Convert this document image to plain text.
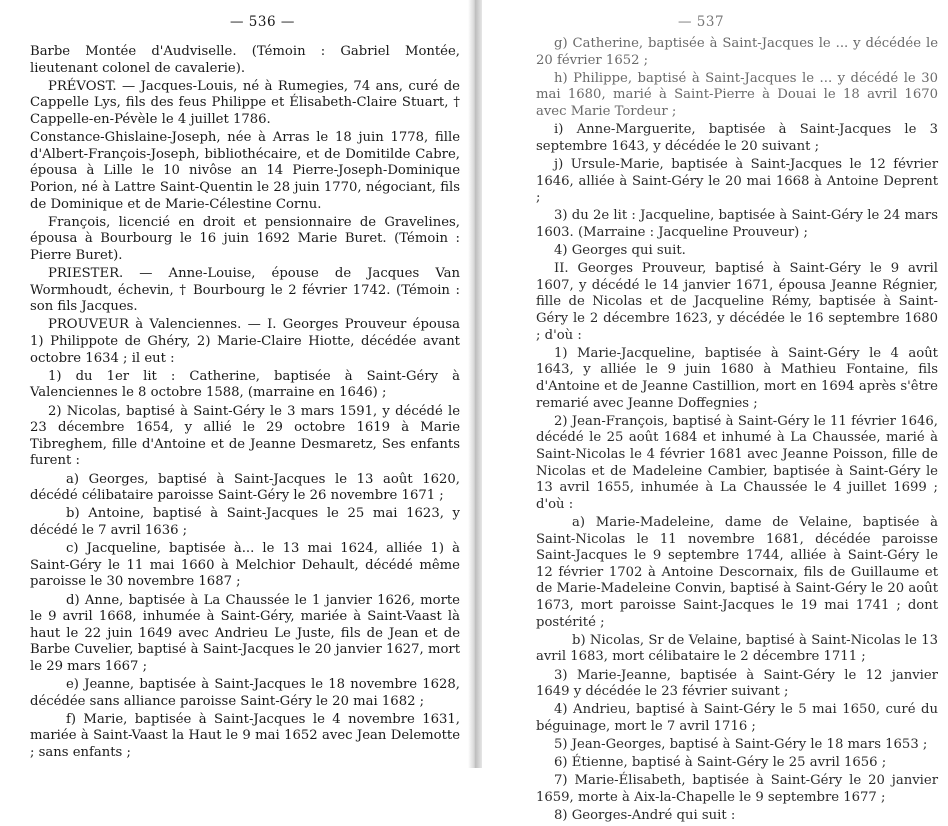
— 536 —

Barbe Montée d'Audviselle. (Témoin : Gabriel Montée, lieutenant colonel de cavalerie).

PRÉVOST. — Jacques-Louis, né à Rumegies, 74 ans, curé de Cappelle Lys, fils des feus Philippe et Élisabeth-Claire Stuart, † Cappelle-en-Pévèle le 4 juillet 1786.

Constance-Ghislaine-Joseph, née à Arras le 18 juin 1778, fille d'Albert-François-Joseph, bibliothécaire, et de Domitilde Cabre, épousa à Lille le 10 nivôse an 14 Pierre-Joseph-Dominique Porion, né à Lattre Saint-Quentin le 28 juin 1770, négociant, fils de Dominique et de Marie-Célestine Cornu.

François, licencié en droit et pensionnaire de Gravelines, épousa à Bourbourg le 16 juin 1692 Marie Buret. (Témoin : Pierre Buret).

PRIESTER. — Anne-Louise, épouse de Jacques Van Wormhoudt, échevin, † Bourbourg le 2 février 1742. (Témoin : son fils Jacques.

PROUVEUR à Valenciennes. — I. Georges Prouveur épousa 1) Philippote de Ghéry, 2) Marie-Claire Hiotte, décédée avant octobre 1634 ; il eut :

1) du 1er lit : Catherine, baptisée à Saint-Géry à Valenciennes le 8 octobre 1588, (marraine en 1646) ;

2) Nicolas, baptisé à Saint-Géry le 3 mars 1591, y décédé le 23 décembre 1654, y allié le 29 octobre 1619 à Marie Tibreghem, fille d'Antoine et de Jeanne Desmaretz, Ses enfants furent :

a) Georges, baptisé à Saint-Jacques le 13 août 1620, décédé célibataire paroisse Saint-Géry le 26 novembre 1671 ;

b) Antoine, baptisé à Saint-Jacques le 25 mai 1623, y décédé le 7 avril 1636 ;

c) Jacqueline, baptisée à... le 13 mai 1624, alliée 1) à Saint-Géry le 11 mai 1660 à Melchior Dehault, décédé même paroisse le 30 novembre 1687 ;

d) Anne, baptisée à La Chaussée le 1 janvier 1626, morte le 9 avril 1668, inhumée à Saint-Géry, mariée à Saint-Vaast là haut le 22 juin 1649 avec Andrieu Le Juste, fils de Jean et de Barbe Cuvelier, baptisé à Saint-Jacques le 20 janvier 1627, mort le 29 mars 1667 ;

e) Jeanne, baptisée à Saint-Jacques le 18 novembre 1628, décédée sans alliance paroisse Saint-Géry le 20 mai 1682 ;

f) Marie, baptisée à Saint-Jacques le 4 novembre 1631, mariée à Saint-Vaast la Haut le 9 mai 1652 avec Jean Delemotte ; sans enfants ;

— 537

g) Catherine, baptisée à Saint-Jacques le ... y décédée le 20 février 1652 ;

h) Philippe, baptisé à Saint-Jacques le ... y décédé le 30 mai 1680, marié à Saint-Pierre à Douai le 18 avril 1670 avec Marie Tordeur ;

i) Anne-Marguerite, baptisée à Saint-Jacques le 3 septembre 1643, y décédée le 20 suivant ;

j) Ursule-Marie, baptisée à Saint-Jacques le 12 février 1646, alliée à Saint-Géry le 20 mai 1668 à Antoine Deprent ;

3) du 2e lit : Jacqueline, baptisée à Saint-Géry le 24 mars 1603. (Marraine : Jacqueline Prouveur) ;

4) Georges qui suit.

II. Georges Prouveur, baptisé à Saint-Géry le 9 avril 1607, y décédé le 14 janvier 1671, épousa Jeanne Régnier, fille de Nicolas et de Jacqueline Rémy, baptisée à Saint-Géry le 2 décembre 1623, y décédée le 16 septembre 1680 ; d'où :

1) Marie-Jacqueline, baptisée à Saint-Géry le 4 août 1643, y alliée le 9 juin 1680 à Mathieu Fontaine, fils d'Antoine et de Jeanne Castillion, mort en 1694 après s'être remarié avec Jeanne Doffegnies ;

2) Jean-François, baptisé à Saint-Géry le 11 février 1646, décédé le 25 août 1684 et inhumé à La Chaussée, marié à Saint-Nicolas le 4 février 1681 avec Jeanne Poisson, fille de Nicolas et de Madeleine Cambier, baptisée à Saint-Géry le 13 avril 1655, inhumée à La Chaussée le 4 juillet 1699 ; d'où :

a) Marie-Madeleine, dame de Velaine, baptisée à Saint-Nicolas le 11 novembre 1681, décédée paroisse Saint-Jacques le 9 septembre 1744, alliée à Saint-Géry le 12 février 1702 à Antoine Descornaix, fils de Guillaume et de Marie-Madeleine Convin, baptisé à Saint-Géry le 20 août 1673, mort paroisse Saint-Jacques le 19 mai 1741 ; dont postérité ;

b) Nicolas, Sr de Velaine, baptisé à Saint-Nicolas le 13 avril 1683, mort célibataire le 2 décembre 1711 ;

3) Marie-Jeanne, baptisée à Saint-Géry le 12 janvier 1649 y décédée le 23 février suivant ;

4) Andrieu, baptisé à Saint-Géry le 5 mai 1650, curé du béguinage, mort le 7 avril 1716 ;

5) Jean-Georges, baptisé à Saint-Géry le 18 mars 1653 ;

6) Étienne, baptisé à Saint-Géry le 25 avril 1656 ;

7) Marie-Élisabeth, baptisée à Saint-Géry le 20 janvier 1659, morte à Aix-la-Chapelle le 9 septembre 1677 ;

8) Georges-André qui suit :
